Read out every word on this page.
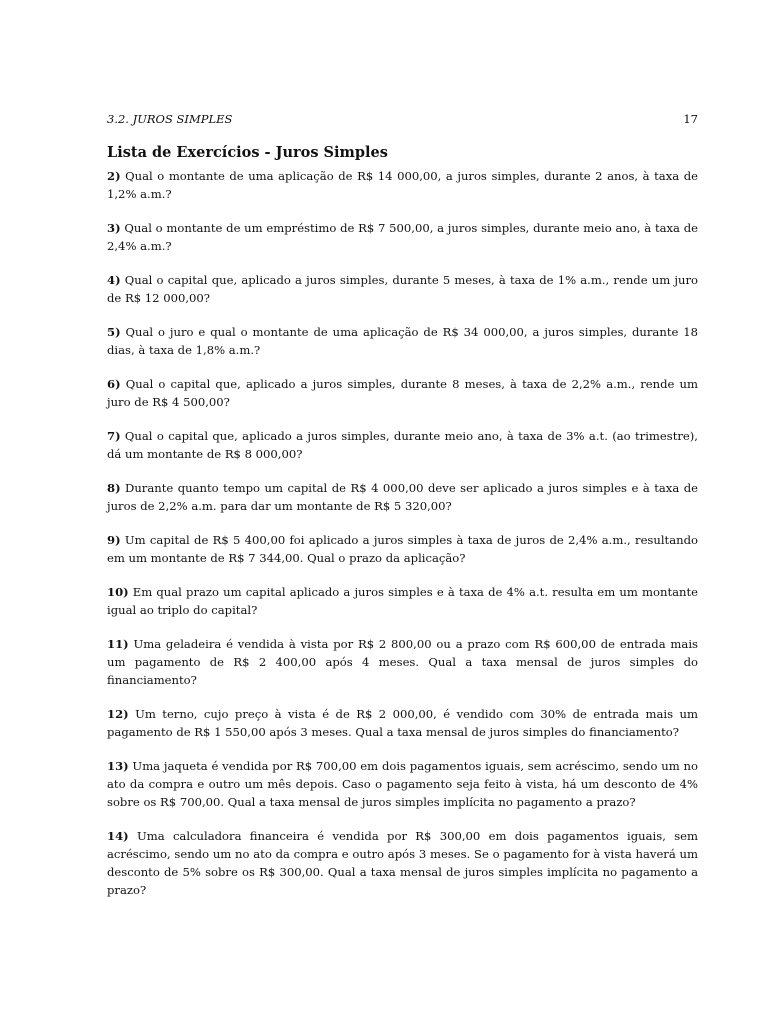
3.2. JUROS SIMPLES	17
Lista de Exercícios - Juros Simples

2) Qual o montante de uma aplicação de R$ 14 000,00, a juros simples, durante 2 anos, à taxa de 1,2% a.m.?

3) Qual o montante de um empréstimo de R$ 7 500,00, a juros simples, durante meio ano, à taxa de 2,4% a.m.?

4) Qual o capital que, aplicado a juros simples, durante 5 meses, à taxa de 1% a.m., rende um juro de R$ 12 000,00?

5) Qual o juro e qual o montante de uma aplicação de R$ 34 000,00, a juros simples, durante 18 dias, à taxa de 1,8% a.m.?

6) Qual o capital que, aplicado a juros simples, durante 8 meses, à taxa de 2,2% a.m., rende um juro de R$ 4 500,00?

7) Qual o capital que, aplicado a juros simples, durante meio ano, à taxa de 3% a.t. (ao trimestre), dá um montante de R$ 8 000,00?

8) Durante quanto tempo um capital de R$ 4 000,00 deve ser aplicado a juros simples e à taxa de juros de 2,2% a.m. para dar um montante de R$ 5 320,00?

9) Um capital de R$ 5 400,00 foi aplicado a juros simples à taxa de juros de 2,4% a.m., resultando em um montante de R$ 7 344,00. Qual o prazo da aplicação?

10) Em qual prazo um capital aplicado a juros simples e à taxa de 4% a.t. resulta em um montante igual ao triplo do capital?

11) Uma geladeira é vendida à vista por R$ 2 800,00 ou a prazo com R$ 600,00 de entrada mais um pagamento de R$ 2 400,00 após 4 meses. Qual a taxa mensal de juros simples do financiamento?

12) Um terno, cujo preço à vista é de R$ 2 000,00, é vendido com 30% de entrada mais um pagamento de R$ 1 550,00 após 3 meses. Qual a taxa mensal de juros simples do financiamento?

13) Uma jaqueta é vendida por R$ 700,00 em dois pagamentos iguais, sem acréscimo, sendo um no ato da compra e outro um mês depois. Caso o pagamento seja feito à vista, há um desconto de 4% sobre os R$ 700,00. Qual a taxa mensal de juros simples implícita no pagamento a prazo?

14) Uma calculadora financeira é vendida por R$ 300,00 em dois pagamentos iguais, sem acréscimo, sendo um no ato da compra e outro após 3 meses. Se o pagamento for à vista haverá um desconto de 5% sobre os R$ 300,00. Qual a taxa mensal de juros simples implícita no pagamento a prazo?
